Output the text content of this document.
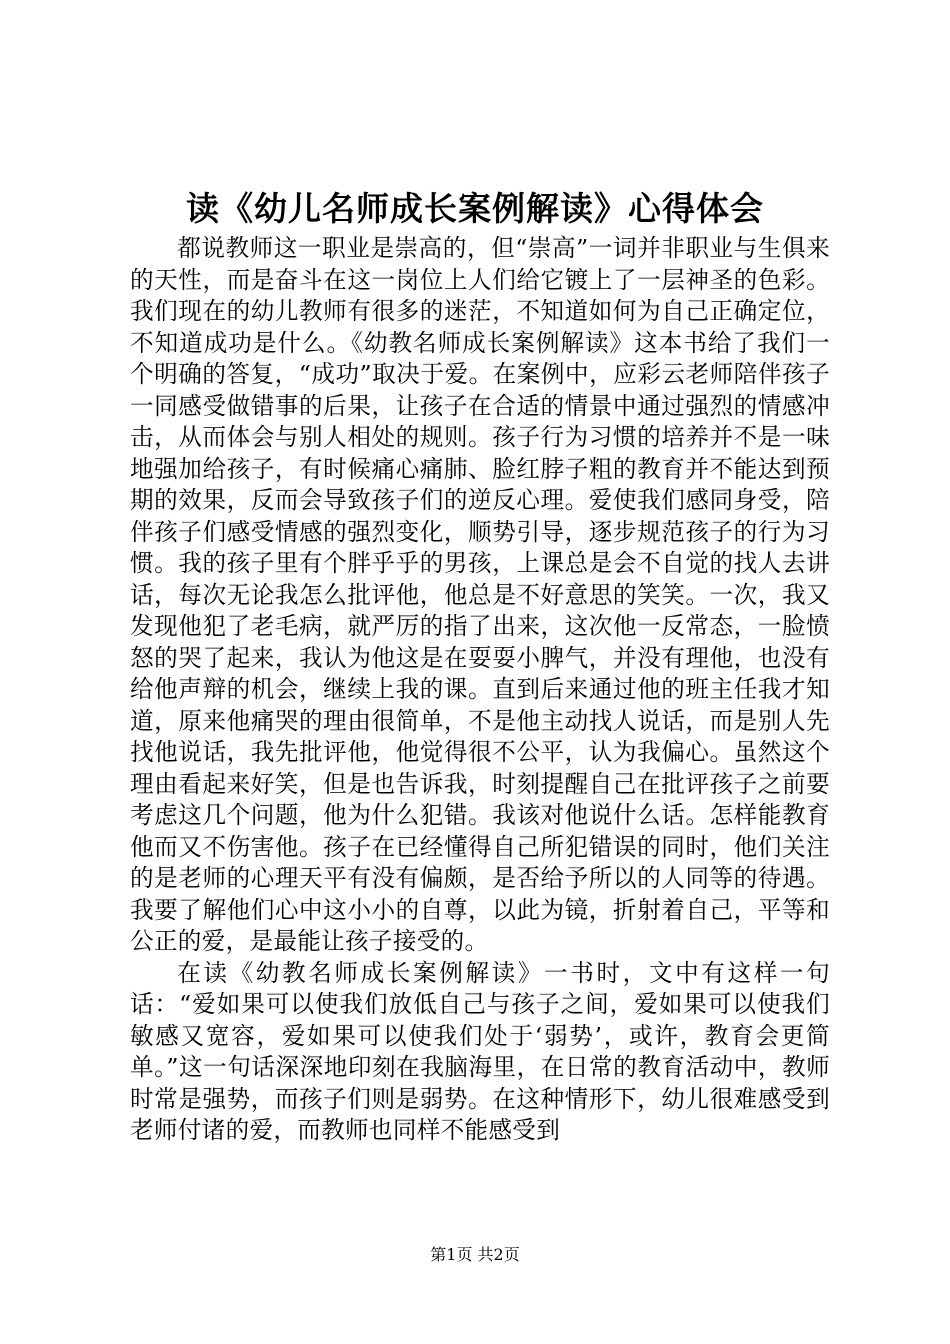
读《幼儿名师成长案例解读》心得体会

都说教师这一职业是崇高的，但“崇高”一词并非职业与生俱来的天性，而是奋斗在这一岗位上人们给它镀上了一层神圣的色彩。我们现在的幼儿教师有很多的迷茫，不知道如何为自己正确定位，不知道成功是什么。《幼教名师成长案例解读》这本书给了我们一个明确的答复，“成功”取决于爱。在案例中，应彩云老师陪伴孩子一同感受做错事的后果，让孩子在合适的情景中通过强烈的情感冲击，从而体会与别人相处的规则。孩子行为习惯的培养并不是一味地强加给孩子，有时候痛心痛肺、脸红脖子粗的教育并不能达到预期的效果，反而会导致孩子们的逆反心理。爱使我们感同身受，陪伴孩子们感受情感的强烈变化，顺势引导，逐步规范孩子的行为习惯。我的孩子里有个胖乎乎的男孩，上课总是会不自觉的找人去讲话，每次无论我怎么批评他，他总是不好意思的笑笑。一次，我又发现他犯了老毛病，就严厉的指了出来，这次他一反常态，一脸愤怒的哭了起来，我认为他这是在耍耍小脾气，并没有理他，也没有给他声辩的机会，继续上我的课。直到后来通过他的班主任我才知道，原来他痛哭的理由很简单，不是他主动找人说话，而是别人先找他说话，我先批评他，他觉得很不公平，认为我偏心。虽然这个理由看起来好笑，但是也告诉我，时刻提醒自己在批评孩子之前要考虑这几个问题，他为什么犯错。我该对他说什么话。怎样能教育他而又不伤害他。孩子在已经懂得自己所犯错误的同时，他们关注的是老师的心理天平有没有偏颇，是否给予所以的人同等的待遇。我要了解他们心中这小小的自尊，以此为镜，折射着自己，平等和公正的爱，是最能让孩子接受的。

在读《幼教名师成长案例解读》一书时，文中有这样一句话：“爱如果可以使我们放低自己与孩子之间，爱如果可以使我们敏感又宽容，爱如果可以使我们处于‘弱势’，或许，教育会更简单。”这一句话深深地印刻在我脑海里，在日常的教育活动中，教师时常是强势，而孩子们则是弱势。在这种情形下，幼儿很难感受到老师付诸的爱，而教师也同样不能感受到

第1页 共2页
